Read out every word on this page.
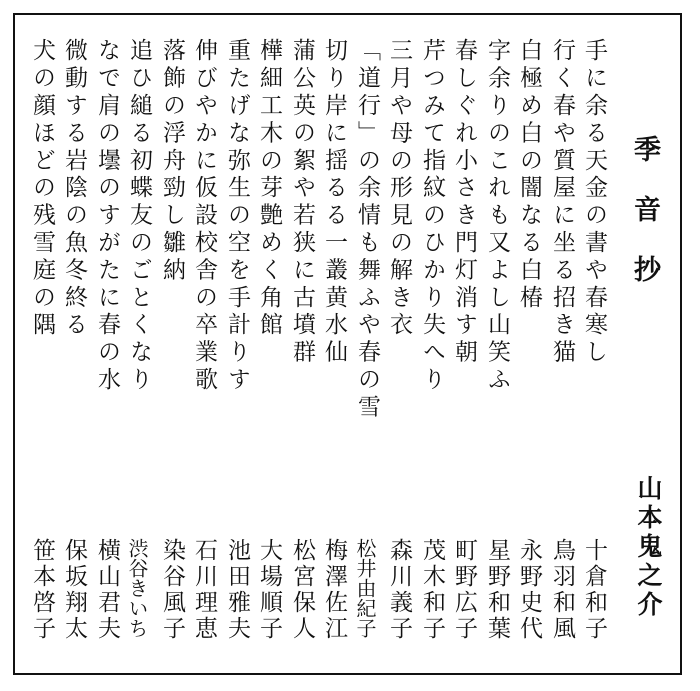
季音抄
山本鬼之介
手に余る天金の書や春寒し
十倉和子
行く春や質屋に坐る招き猫
鳥羽和風
白極め白の闇なる白椿
永野史代
字余りのこれも又よし山笑ふ
星野和葉
春しぐれ小さき門灯消す朝
町野広子
芹つみて指紋のひかり失へり
茂木和子
三月や母の形見の解き衣
森川義子
「道行」の余情も舞ふや春の雪
松井由紀子
切り岸に揺るる一叢黄水仙
梅澤佐江
蒲公英の絮や若狭に古墳群
松宮保人
樺細工木の芽艶めく角館
大場順子
重たげな弥生の空を手計りす
池田雅夫
伸びやかに仮設校舎の卒業歌
石川理恵
落飾の浮舟勁し雛納
染谷風子
追ひ縋る初蝶友のごとくなり
渋谷きいち
なで肩の壜のすがたに春の水
横山君夫
微動する岩陰の魚冬終る
保坂翔太
犬の顔ほどの残雪庭の隅
笹本啓子
